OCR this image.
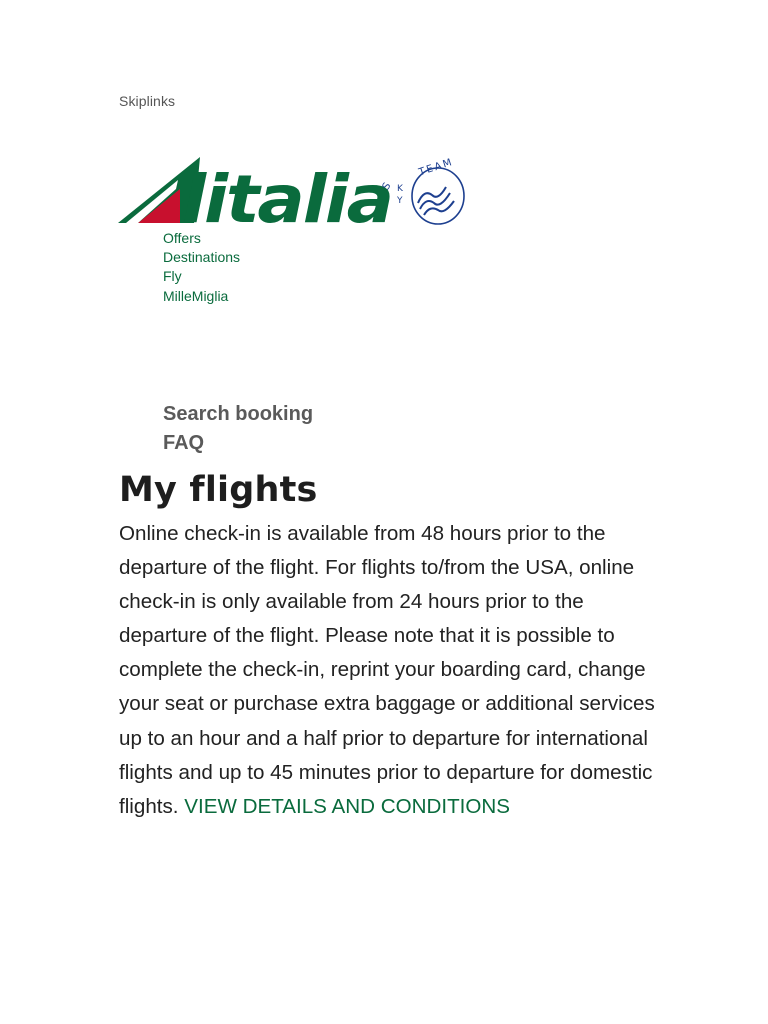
Skiplinks
litalia
S
TEAM
K
Y
Offers
Destinations
Fly
MilleMiglia
Search booking
FAQ
My flights

Online check-in is available from 48 hours prior to the departure of the flight. For flights to/from the USA, online check-in is only available from 24 hours prior to the departure of the flight. Please note that it is possible to complete the check-in, reprint your boarding card, change your seat or purchase extra baggage or additional services up to an hour and a half prior to departure for international flights and up to 45 minutes prior to departure for domestic flights. VIEW DETAILS AND CONDITIONS
